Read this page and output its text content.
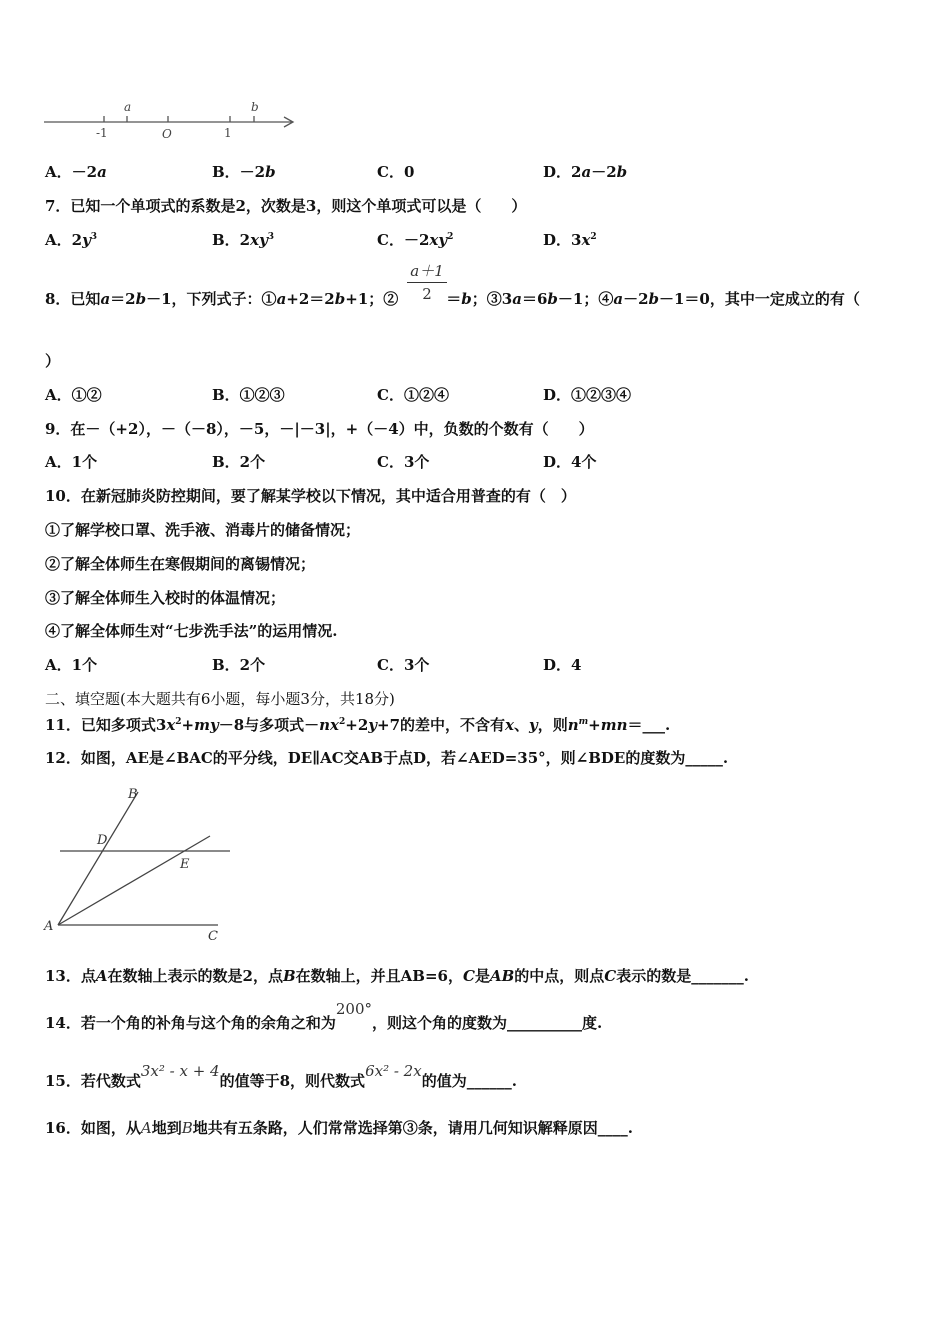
a	b
-1	O	1
A．－2a	B．－2b	C．0	D．2a－2b
7．已知一个单项式的系数是2，次数是3，则这个单项式可以是（　　）
A．$2y^3$	B．$2xy^3$	C．$-2xy^2$	D．$3x^2$
a＋1
2
8．已知a＝2b－1，下列式子：①a+2＝2b+1；②	＝b；③3a＝6b－1；④a－2b－1＝0，其中一定成立的有（
）
A．①②	B．①②③	C．①②④	D．①②③④
9．在－（+2），－（－8），－5，－|－3|，+（－4）中，负数的个数有（　　）
A．1个	B．2个	C．3个	D．4个
10．在新冠肺炎防控期间，要了解某学校以下情况，其中适合用普查的有（　）
①了解学校口罩、洗手液、消毒片的储备情况；
②了解全体师生在寒假期间的离锡情况；
③了解全体师生入校时的体温情况；
④了解全体师生对“七步洗手法”的运用情况.
A．1个	B．2个	C．3个	D．4
二、填空题(本大题共有6小题，每小题3分，共18分)
11．已知多项式$3x^2+my-8$与多项式$-nx^2+2y+7$的差中，不含有x、y，则$n^m+mn=\_\_\_$.
12．如图，AE是∠BAC的平分线，DE∥AC交AB于点D，若∠AED=35°，则∠BDE的度数为_____.
B
D
E
A
C
13．点A在数轴上表示的数是2，点B在数轴上，并且AB=6，C是AB的中点，则点C表示的数是_______.
14．若一个角的补角与这个角的余角之和为200°，则这个角的度数为__________度.
15．若代数式3x² - x + 4的值等于8，则代数式6x² - 2x的值为______.
16．如图，从A地到B地共有五条路，人们常常选择第③条，请用几何知识解释原因____.
